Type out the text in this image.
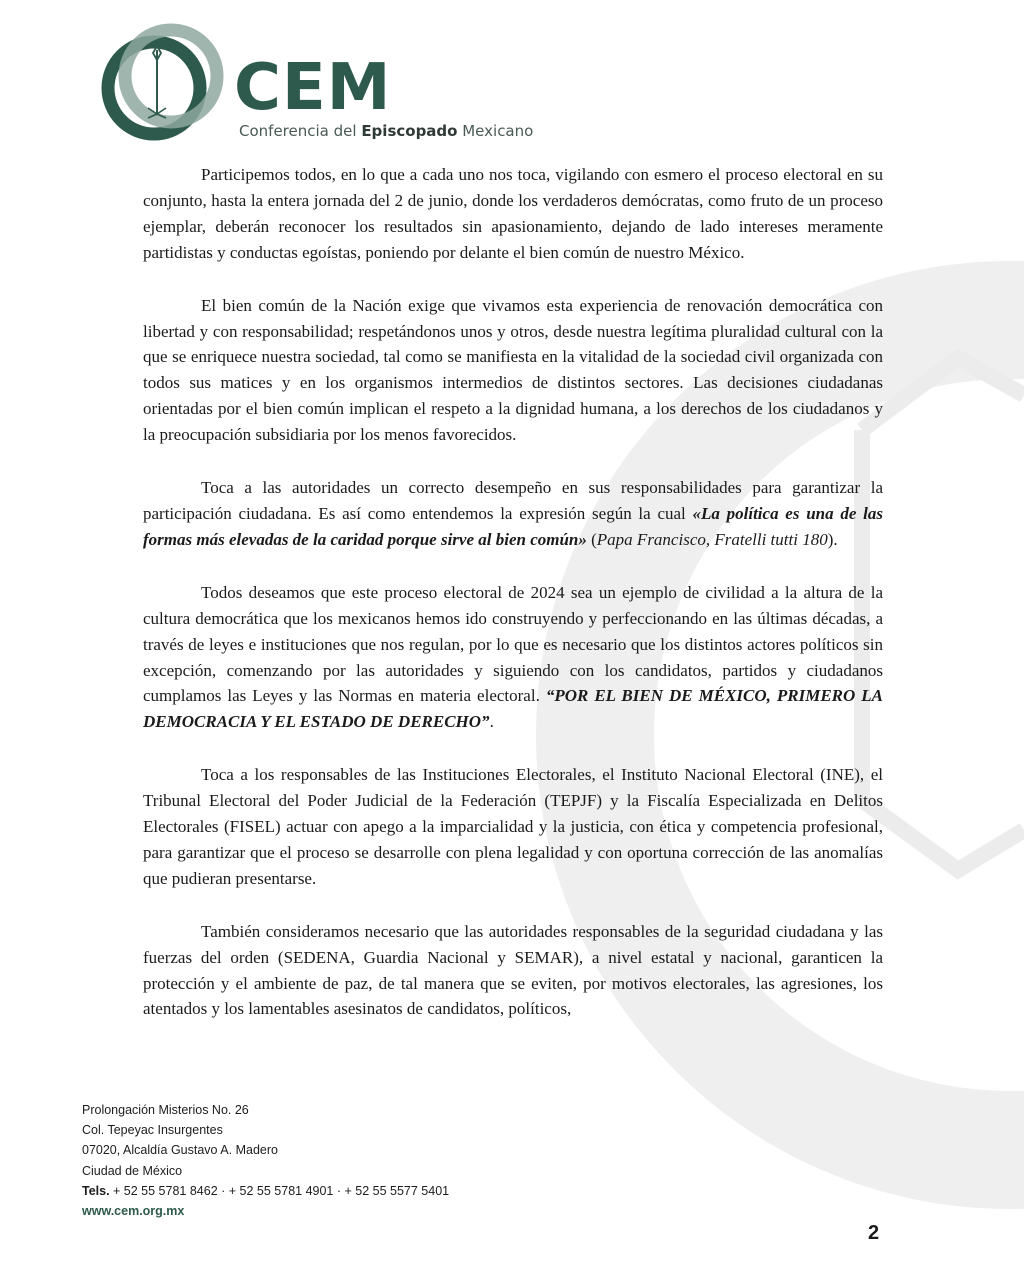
CEM
Conferencia del Episcopado Mexicano

Participemos todos, en lo que a cada uno nos toca, vigilando con esmero el proceso electoral en su conjunto, hasta la entera jornada del 2 de junio, donde los verdaderos demócratas, como fruto de un proceso ejemplar, deberán reconocer los resultados sin apasionamiento, dejando de lado intereses meramente partidistas y conductas egoístas, poniendo por delante el bien común de nuestro México.

El bien común de la Nación exige que vivamos esta experiencia de renovación democrática con libertad y con responsabilidad; respetándonos unos y otros, desde nuestra legítima pluralidad cultural con la que se enriquece nuestra sociedad, tal como se manifiesta en la vitalidad de la sociedad civil organizada con todos sus matices y en los organismos intermedios de distintos sectores. Las decisiones ciudadanas orientadas por el bien común implican el respeto a la dignidad humana, a los derechos de los ciudadanos y la preocupación subsidiaria por los menos favorecidos.

Toca a las autoridades un correcto desempeño en sus responsabilidades para garantizar la participación ciudadana. Es así como entendemos la expresión según la cual «La política es una de las formas más elevadas de la caridad porque sirve al bien común» (Papa Francisco, Fratelli tutti 180).

Todos deseamos que este proceso electoral de 2024 sea un ejemplo de civilidad a la altura de la cultura democrática que los mexicanos hemos ido construyendo y perfeccionando en las últimas décadas, a través de leyes e instituciones que nos regulan, por lo que es necesario que los distintos actores políticos sin excepción, comenzando por las autoridades y siguiendo con los candidatos, partidos y ciudadanos cumplamos las Leyes y las Normas en materia electoral. “POR EL BIEN DE MÉXICO, PRIMERO LA DEMOCRACIA Y EL ESTADO DE DERECHO”.

Toca a los responsables de las Instituciones Electorales, el Instituto Nacional Electoral (INE), el Tribunal Electoral del Poder Judicial de la Federación (TEPJF) y la Fiscalía Especializada en Delitos Electorales (FISEL) actuar con apego a la imparcialidad y la justicia, con ética y competencia profesional, para garantizar que el proceso se desarrolle con plena legalidad y con oportuna corrección de las anomalías que pudieran presentarse.

También consideramos necesario que las autoridades responsables de la seguridad ciudadana y las fuerzas del orden (SEDENA, Guardia Nacional y SEMAR), a nivel estatal y nacional, garanticen la protección y el ambiente de paz, de tal manera que se eviten, por motivos electorales, las agresiones, los atentados y los lamentables asesinatos de candidatos, políticos,

Prolongación Misterios No. 26
Col. Tepeyac Insurgentes
07020, Alcaldía Gustavo A. Madero
Ciudad de México
Tels. + 52 55 5781 8462 · + 52 55 5781 4901 · + 52 55 5577 5401
www.cem.org.mx
2
